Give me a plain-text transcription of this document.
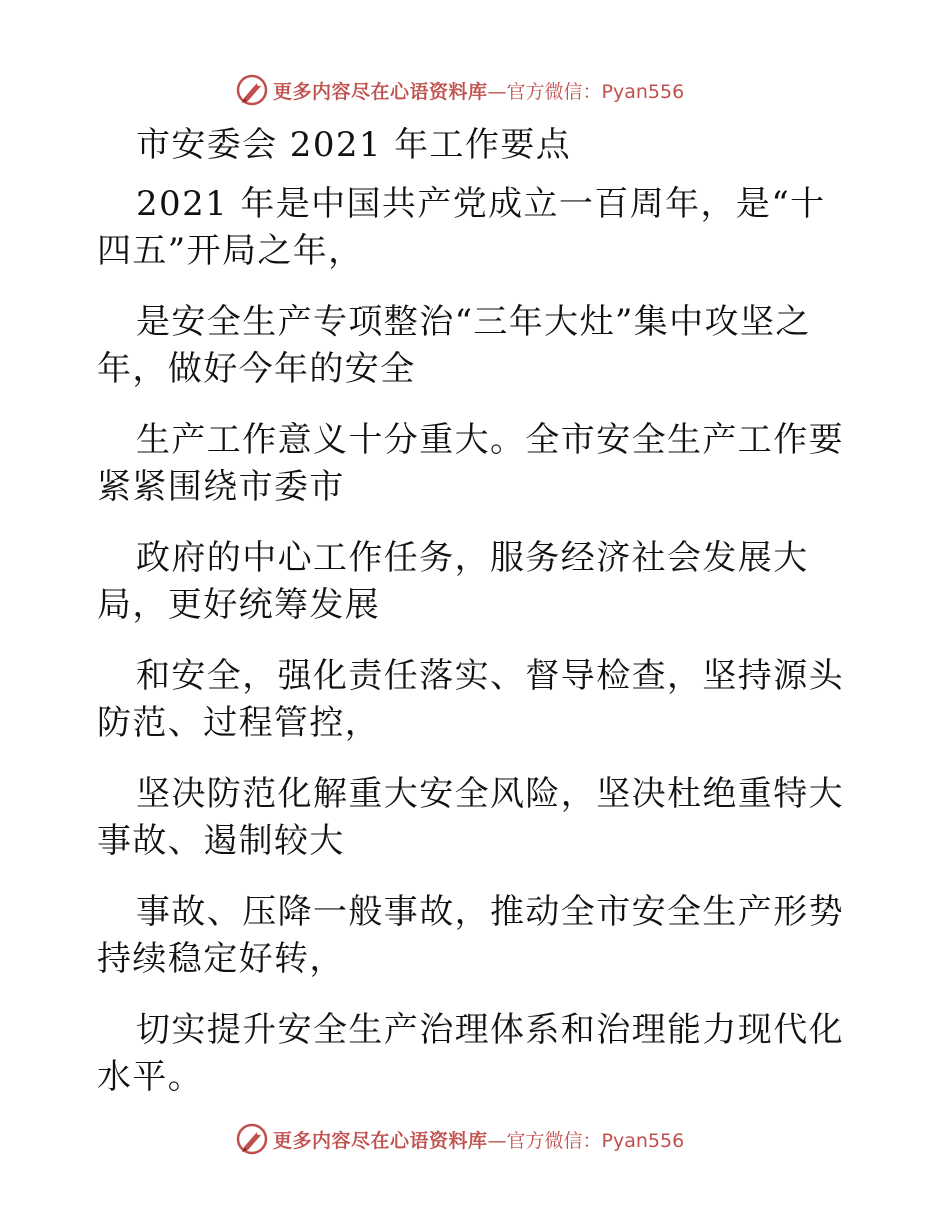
更多内容尽在心语资料库 —官方微信：Pyan556

市安委会 2021 年工作要点

2021 年是中国共产党成立一百周年，是“十四五”开局之年，

是安全生产专项整治“三年大灶”集中攻坚之年，做好今年的安全

生产工作意义十分重大。全市安全生产工作要紧紧围绕市委市

政府的中心工作任务，服务经济社会发展大局，更好统筹发展

和安全，强化责任落实、督导检查，坚持源头防范、过程管控，

坚决防范化解重大安全风险，坚决杜绝重特大事故、遏制较大

事故、压降一般事故，推动全市安全生产形势持续稳定好转，

切实提升安全生产治理体系和治理能力现代化水平。

更多内容尽在心语资料库 —官方微信：Pyan556
